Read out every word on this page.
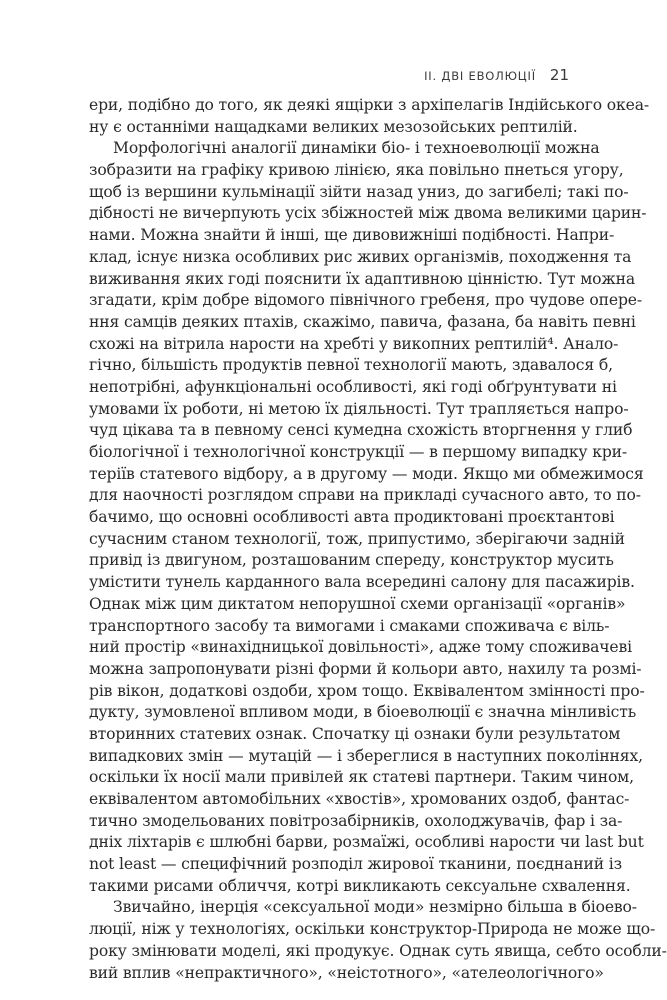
II. ДВІ ЕВОЛЮЦІЇ 21
ери, подібно до того, як деякі ящірки з архіпелагів Індійського океа-
ну є останніми нащадками великих мезозойських рептилій.
Морфологічні аналогії динаміки біо- і техноеволюції можна
зобразити на графіку кривою лінією, яка повільно пнеться угору,
щоб із вершини кульмінації зійти назад униз, до загибелі; такі по-
дібності не вичерпують усіх збіжностей між двома великими царин-
нами. Можна знайти й інші, ще дивовижніші подібності. Напри-
клад, існує низка особливих рис живих організмів, походження та
виживання яких годі пояснити їх адаптивною цінністю. Тут можна
згадати, крім добре відомого північного гребеня, про чудове опере-
ння самців деяких птахів, скажімо, павича, фазана, ба навіть певні
схожі на вітрила нарости на хребті у викопних рептилій⁴. Анало-
гічно, більшість продуктів певної технології мають, здавалося б,
непотрібні, афункціональні особливості, які годі обґрунтувати ні
умовами їх роботи, ні метою їх діяльності. Тут трапляється напро-
чуд цікава та в певному сенсі кумедна схожість вторгнення у глиб
біологічної і технологічної конструкції — в першому випадку кри-
теріїв статевого відбору, а в другому — моди. Якщо ми обмежимося
для наочності розглядом справи на прикладі сучасного авто, то по-
бачимо, що основні особливості авта продиктовані проєктантові
сучасним станом технології, тож, припустимо, зберігаючи задній
привід із двигуном, розташованим спереду, конструктор мусить
умістити тунель карданного вала всередині салону для пасажирів.
Однак між цим диктатом непорушної схеми організації «органів»
транспортного засобу та вимогами і смаками споживача є віль-
ний простір «винахідницької довільності», адже тому споживачеві
можна запропонувати різні форми й кольори авто, нахилу та розмі-
рів вікон, додаткові оздоби, хром тощо. Еквівалентом змінності про-
дукту, зумовленої впливом моди, в біоеволюції є значна мінливість
вторинних статевих ознак. Спочатку ці ознаки були результатом
випадкових змін — мутацій — і збереглися в наступних поколіннях,
оскільки їх носії мали привілей як статеві партнери. Таким чином,
еквівалентом автомобільних «хвостів», хромованих оздоб, фантас-
тично змодельованих повітрозабірників, охолоджувачів, фар і за-
дніх ліхтарів є шлюбні барви, розмаїжі, особливі нарости чи last but
not least — специфічний розподіл жирової тканини, поєднаний із
такими рисами обличчя, котрі викликають сексуальне схвалення.
Звичайно, інерція «сексуальної моди» незмірно більша в біоево-
люції, ніж у технологіях, оскільки конструктор-Природа не може що-
року змінювати моделі, які продукує. Однак суть явища, себто особли-
вий вплив «непрактичного», «неістотного», «ателеологічного»
